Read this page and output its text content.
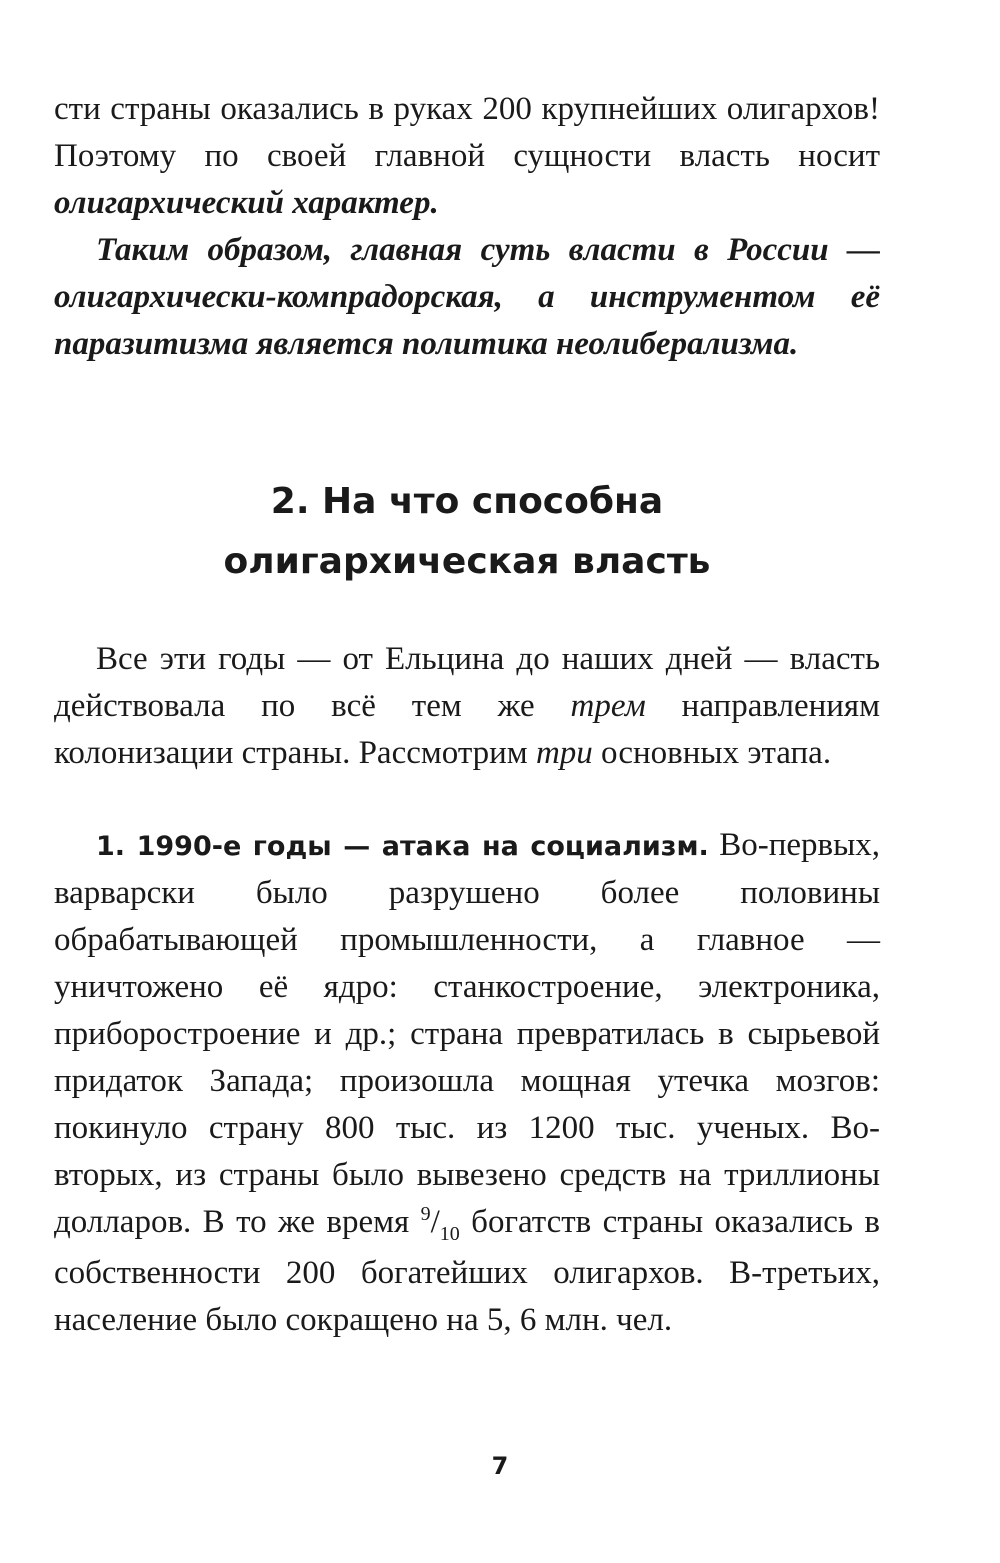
сти страны оказались в руках 200 крупнейших олигархов! Поэтому по своей главной сущности власть носит олигархический характер.

Таким образом, главная суть власти в России — олигархически-компрадорская, а инструментом её паразитизма является политика неолиберализма.

2. На что способна
олигархическая власть

Все эти годы — от Ельцина до наших дней — власть действовала по всё тем же трем направлениям колонизации страны. Рассмотрим три основных этапа.

1. 1990-е годы — атака на социализм. Во-первых, варварски было разрушено более половины обрабатывающей промышленности, а главное — уничтожено её ядро: станкостроение, электроника, приборостроение и др.; страна превратилась в сырьевой придаток Запада; произошла мощная утечка мозгов: покинуло страну 800 тыс. из 1200 тыс. ученых. Во-вторых, из страны было вывезено средств на триллионы долларов. В то же время $^9/_{10}$ богатств страны оказались в собственности 200 богатейших олигархов. В-третьих, население было сокращено на 5, 6 млн. чел.

7
